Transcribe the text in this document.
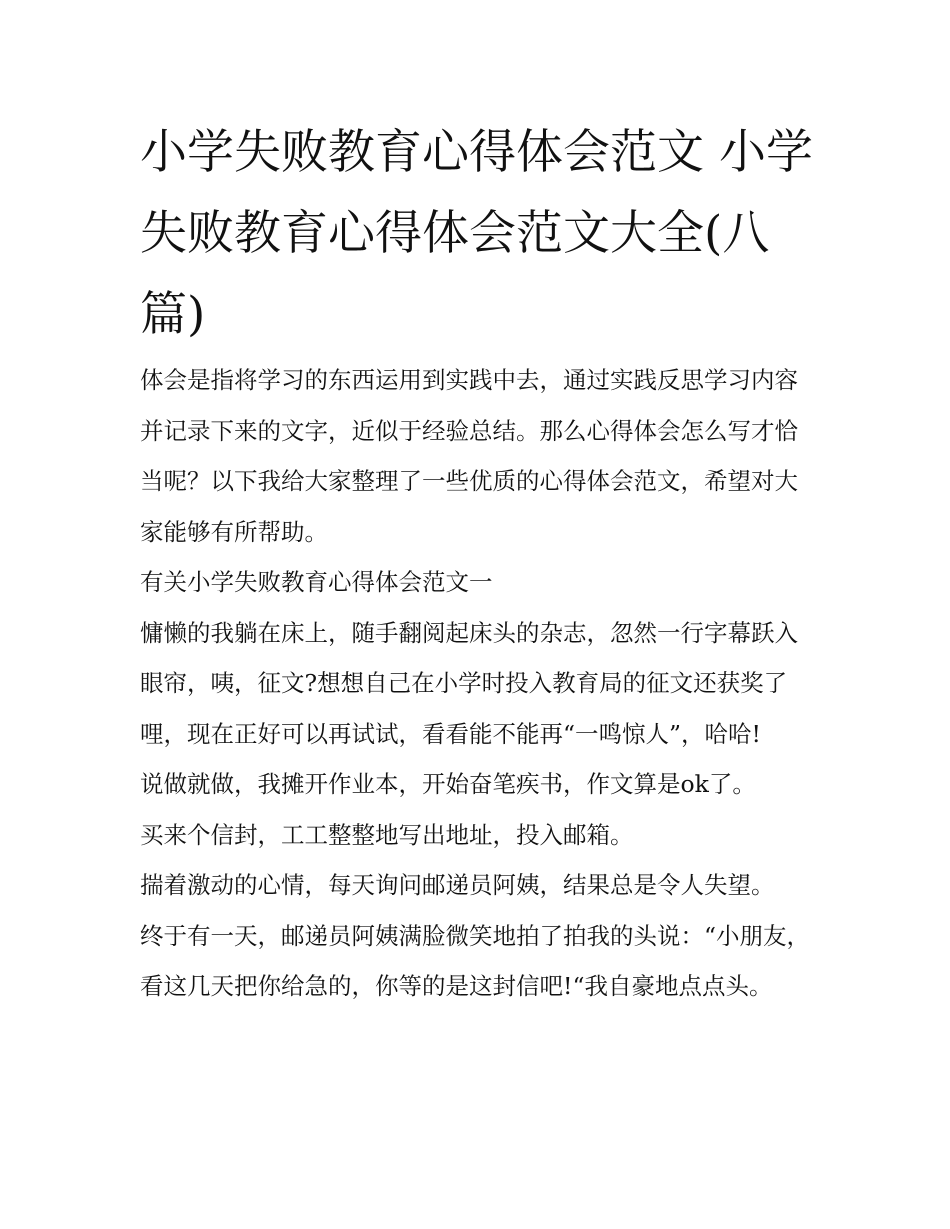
小学失败教育心得体会范文 小学失败教育心得体会范文大全(八篇)

体会是指将学习的东西运用到实践中去，通过实践反思学习内容并记录下来的文字，近似于经验总结。那么心得体会怎么写才恰当呢？以下我给大家整理了一些优质的心得体会范文，希望对大家能够有所帮助。

有关小学失败教育心得体会范文一

慵懒的我躺在床上，随手翻阅起床头的杂志，忽然一行字幕跃入眼帘，咦，征文?想想自己在小学时投入教育局的征文还获奖了哩，现在正好可以再试试，看看能不能再“一鸣惊人”，哈哈!

说做就做，我摊开作业本，开始奋笔疾书，作文算是ok了。

买来个信封，工工整整地写出地址，投入邮箱。

揣着激动的心情，每天询问邮递员阿姨，结果总是令人失望。

终于有一天，邮递员阿姨满脸微笑地拍了拍我的头说：“小朋友，看这几天把你给急的，你等的是这封信吧!“我自豪地点点头。
